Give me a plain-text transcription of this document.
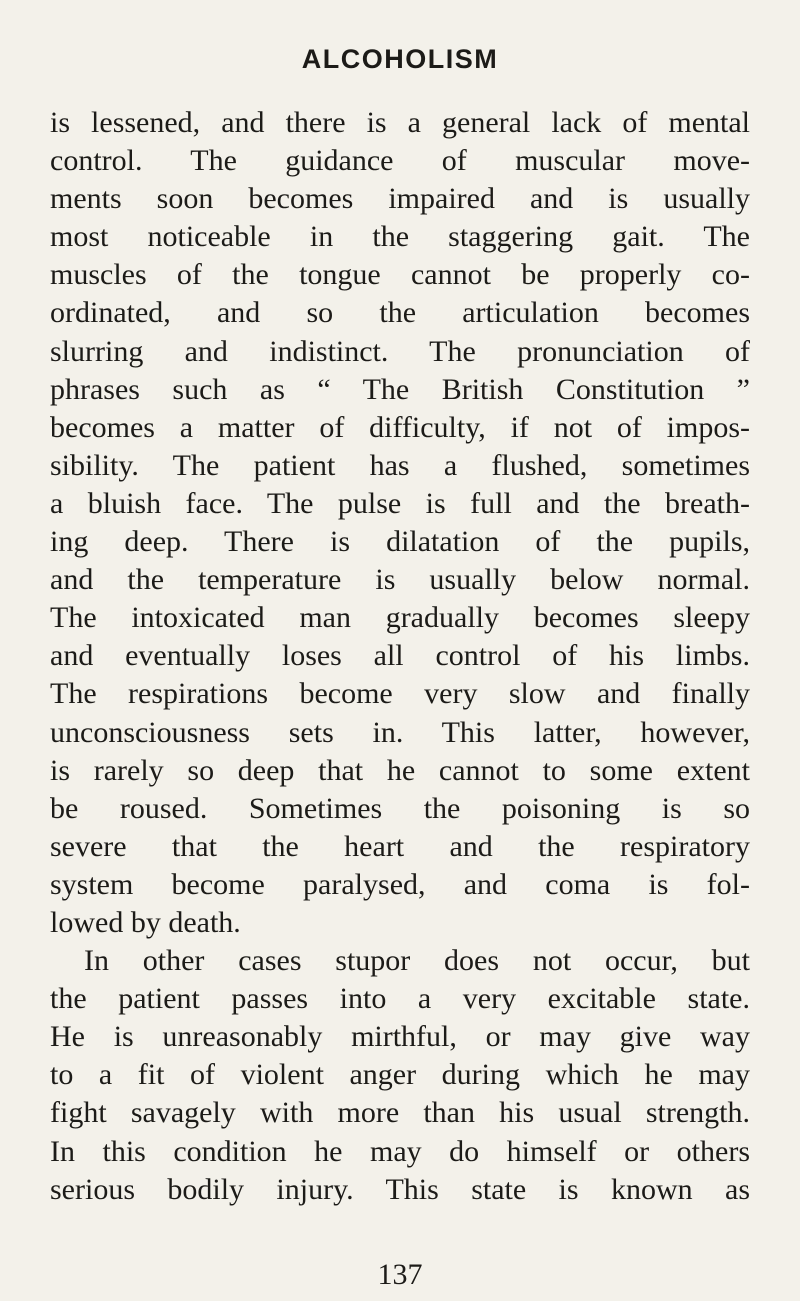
ALCOHOLISM
is lessened, and there is a general lack of mental
control. The guidance of muscular move-
ments soon becomes impaired and is usually
most noticeable in the staggering gait. The
muscles of the tongue cannot be properly co-
ordinated, and so the articulation becomes
slurring and indistinct. The pronunciation of
phrases such as “ The British Constitution ”
becomes a matter of difficulty, if not of impos-
sibility. The patient has a flushed, sometimes
a bluish face. The pulse is full and the breath-
ing deep. There is dilatation of the pupils,
and the temperature is usually below normal.
The intoxicated man gradually becomes sleepy
and eventually loses all control of his limbs.
The respirations become very slow and finally
unconsciousness sets in. This latter, however,
is rarely so deep that he cannot to some extent
be roused. Sometimes the poisoning is so
severe that the heart and the respiratory
system become paralysed, and coma is fol-
lowed by death.
In other cases stupor does not occur, but
the patient passes into a very excitable state.
He is unreasonably mirthful, or may give way
to a fit of violent anger during which he may
fight savagely with more than his usual strength.
In this condition he may do himself or others
serious bodily injury. This state is known as
137
